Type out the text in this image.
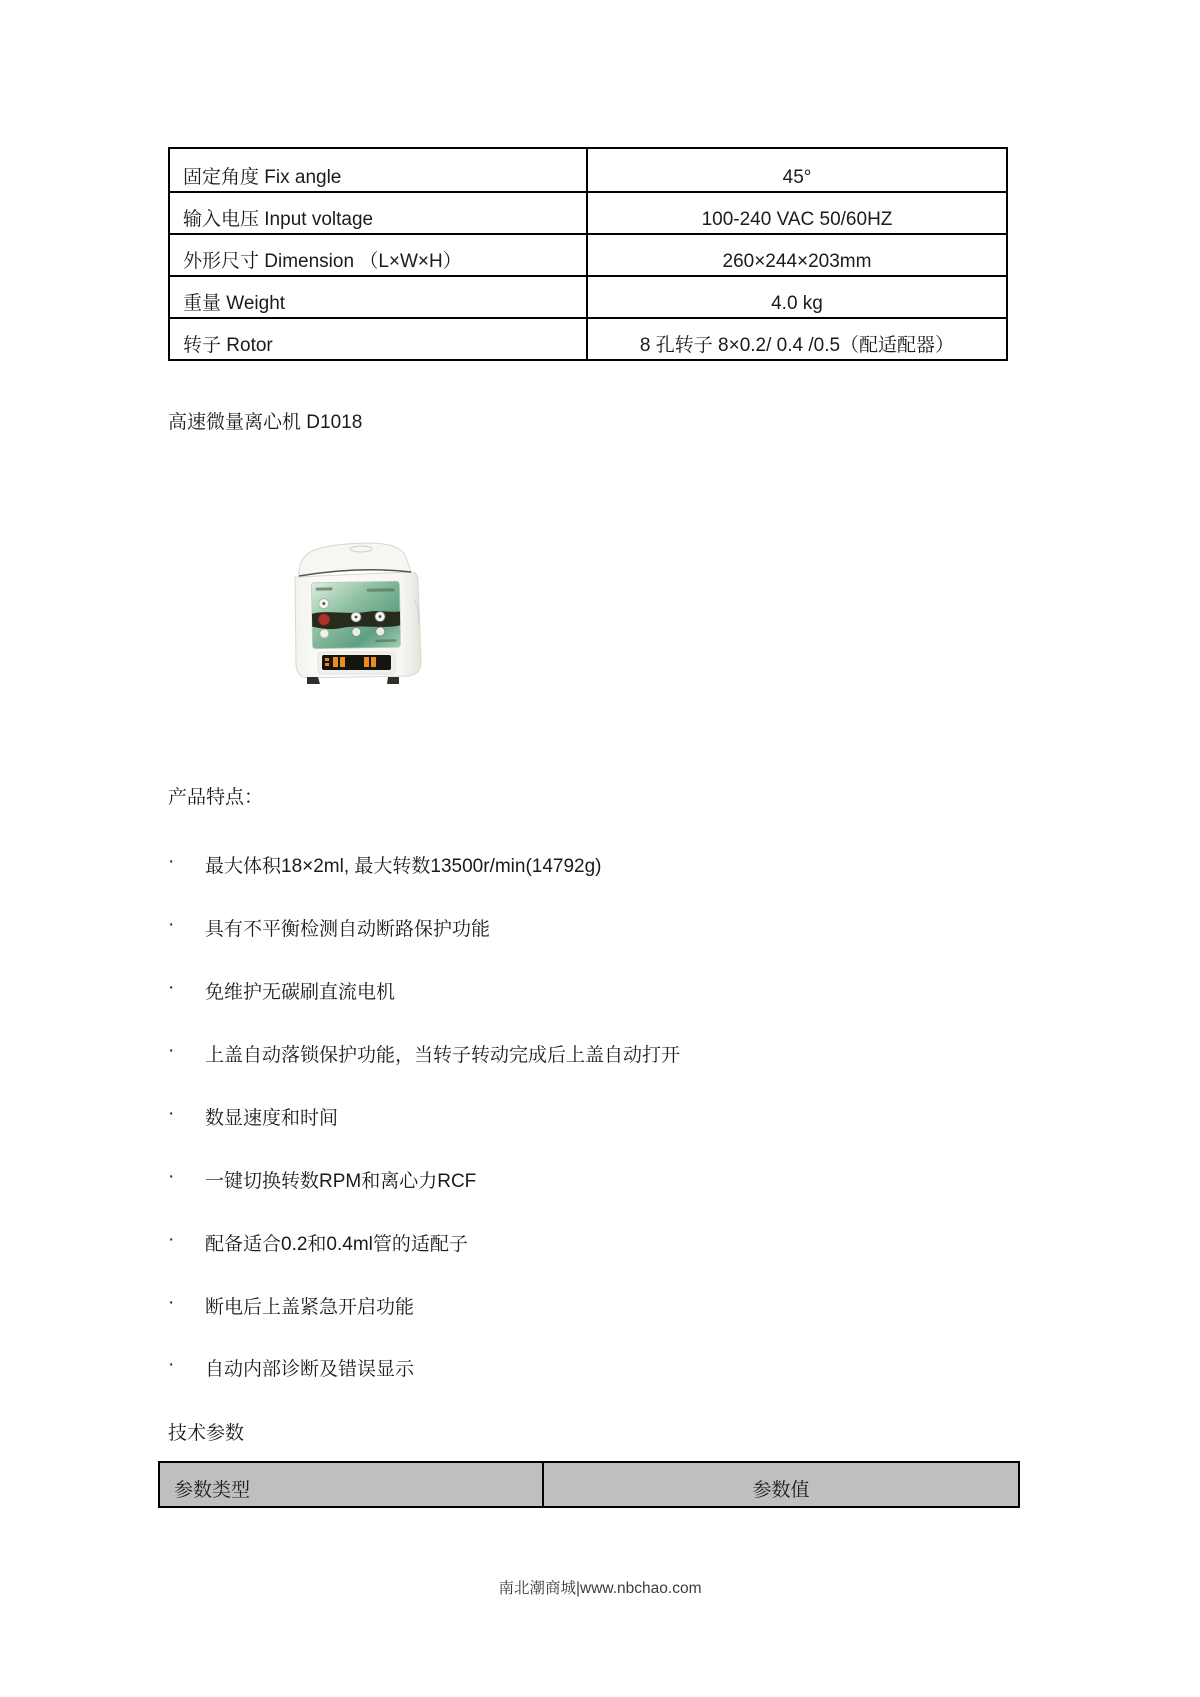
固定角度 Fix angle	45°
输入电压 Input voltage	100-240 VAC 50/60HZ
外形尺寸 Dimension （L×W×H）	260×244×203mm
重量 Weight	4.0 kg
转子 Rotor	8 孔转子 8×0.2/ 0.4 /0.5（配适配器）
高速微量离心机 D1018
产品特点：
·	最大体积18×2ml, 最大转数13500r/min(14792g)
·	具有不平衡检测自动断路保护功能
·	免维护无碳刷直流电机
·	上盖自动落锁保护功能，当转子转动完成后上盖自动打开
·	数显速度和时间
·	一键切换转数RPM和离心力RCF
·	配备适合0.2和0.4ml管的适配子
·	断电后上盖紧急开启功能
·	自动内部诊断及错误显示
技术参数
参数类型	参数值
南北潮商城|www.nbchao.com
